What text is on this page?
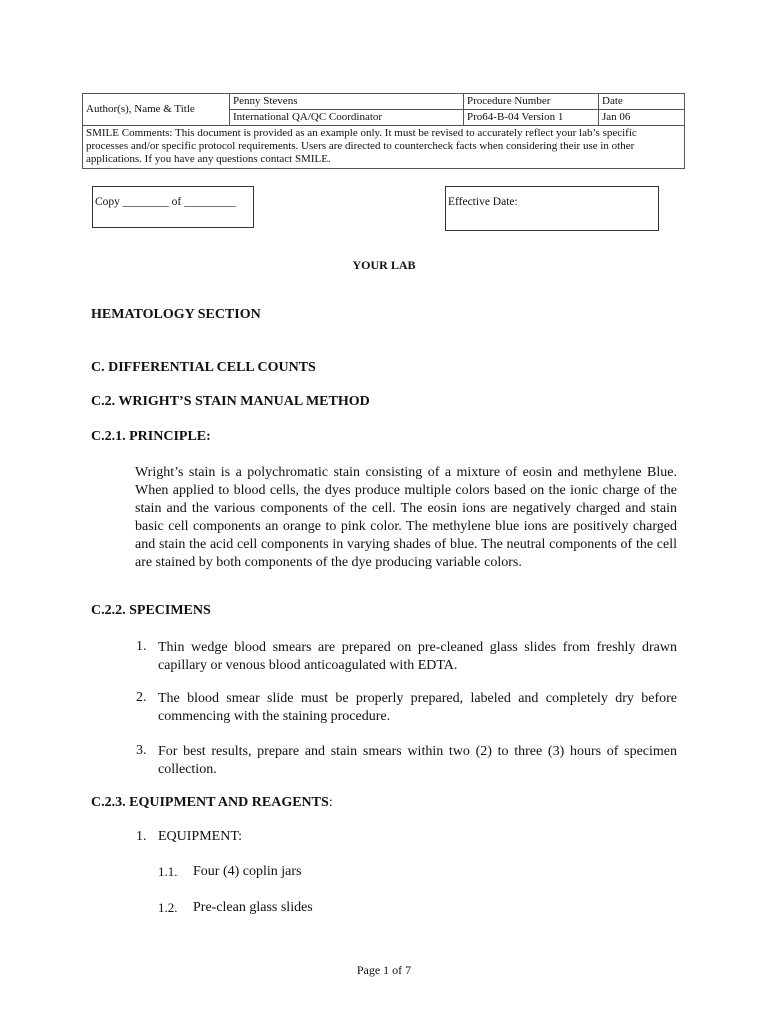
Author(s), Name & Title	Penny Stevens	Procedure Number	Date
	International QA/QC Coordinator	Pro64-B-04 Version 1	Jan 06
SMILE Comments: This document is provided as an example only. It must be revised to accurately reflect your lab’s specific processes and/or specific protocol requirements. Users are directed to countercheck facts when considering their use in other applications. If you have any questions contact SMILE.			
Copy ________ of _________	Effective Date:
YOUR LAB
HEMATOLOGY SECTION
C. DIFFERENTIAL CELL COUNTS
C.2. WRIGHT’S STAIN MANUAL METHOD
C.2.1. PRINCIPLE:
Wright’s stain is a polychromatic stain consisting of a mixture of eosin and methylene Blue. When applied to blood cells, the dyes produce multiple colors based on the ionic charge of the stain and the various components of the cell. The eosin ions are negatively charged and stain basic cell components an orange to pink color. The methylene blue ions are positively charged and stain the acid cell components in varying shades of blue. The neutral components of the cell are stained by both components of the dye producing variable colors.
C.2.2. SPECIMENS
1. Thin wedge blood smears are prepared on pre-cleaned glass slides from freshly drawn capillary or venous blood anticoagulated with EDTA.
2. The blood smear slide must be properly prepared, labeled and completely dry before commencing with the staining procedure.
3. For best results, prepare and stain smears within two (2) to three (3) hours of specimen collection.
C.2.3. EQUIPMENT AND REAGENTS:
1. EQUIPMENT:
1.1. Four (4) coplin jars
1.2. Pre-clean glass slides
Page 1 of 7
